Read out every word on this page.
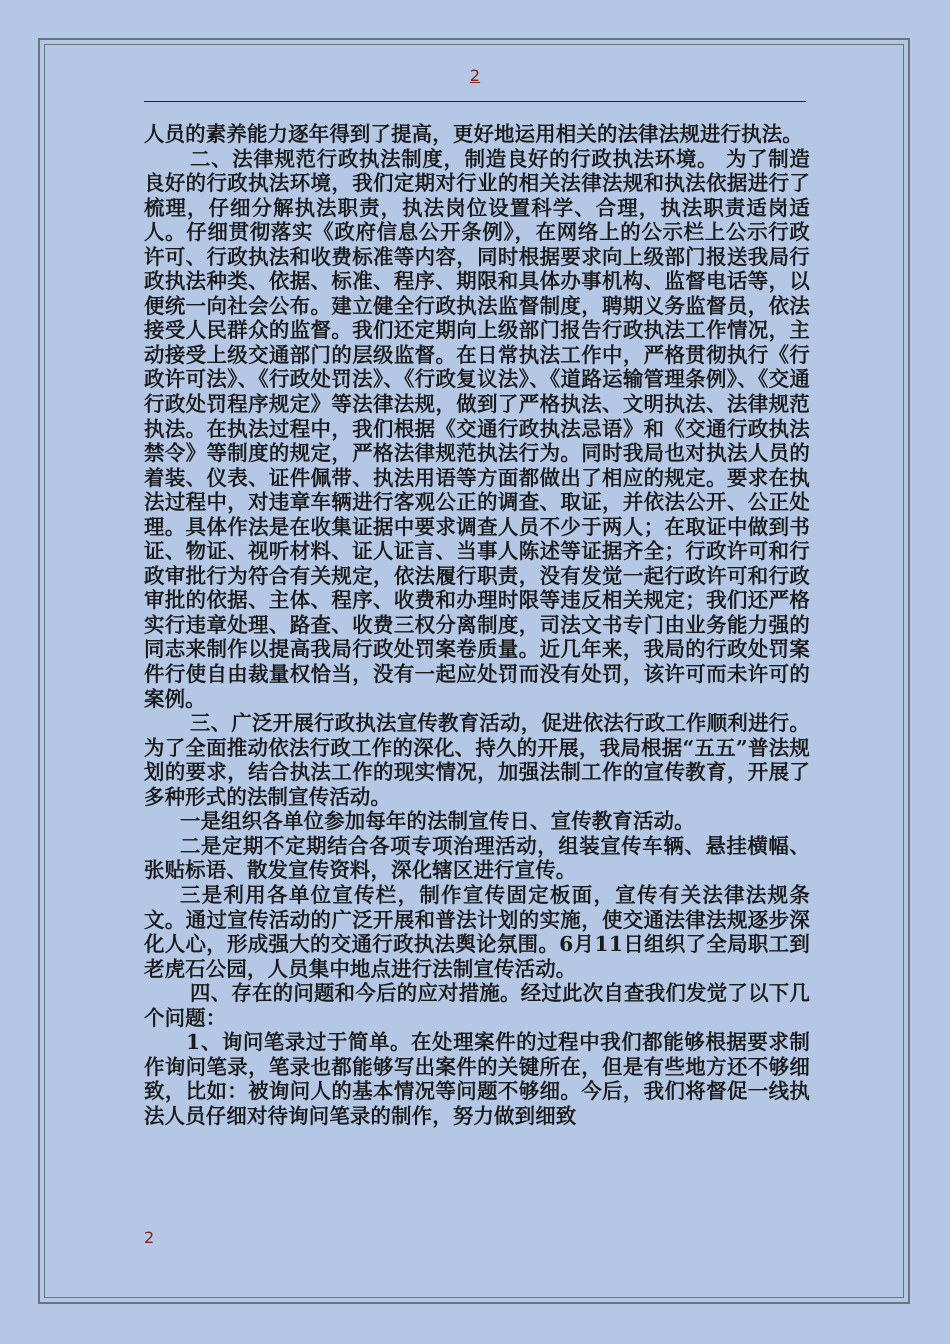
2

人员的素养能力逐年得到了提高，更好地运用相关的法律法规进行执法。

二、法律规范行政执法制度，制造良好的行政执法环境。 为了制造良好的行政执法环境，我们定期对行业的相关法律法规和执法依据进行了梳理，仔细分解执法职责，执法岗位设置科学、合理，执法职责适岗适人。仔细贯彻落实《政府信息公开条例》，在网络上的公示栏上公示行政许可、行政执法和收费标准等内容，同时根据要求向上级部门报送我局行政执法种类、依据、标准、程序、期限和具体办事机构、监督电话等，以便统一向社会公布。建立健全行政执法监督制度，聘期义务监督员，依法接受人民群众的监督。我们还定期向上级部门报告行政执法工作情况，主动接受上级交通部门的层级监督。在日常执法工作中，严格贯彻执行《行政许可法》、《行政处罚法》、《行政复议法》、《道路运输管理条例》、《交通行政处罚程序规定》等法律法规，做到了严格执法、文明执法、法律规范执法。在执法过程中，我们根据《交通行政执法忌语》和《交通行政执法禁令》等制度的规定，严格法律规范执法行为。同时我局也对执法人员的着装、仪表、证件佩带、执法用语等方面都做出了相应的规定。要求在执法过程中，对违章车辆进行客观公正的调查、取证，并依法公开、公正处理。具体作法是在收集证据中要求调查人员不少于两人；在取证中做到书证、物证、视听材料、证人证言、当事人陈述等证据齐全；行政许可和行政审批行为符合有关规定，依法履行职责，没有发觉一起行政许可和行政审批的依据、主体、程序、收费和办理时限等违反相关规定；我们还严格实行违章处理、路查、收费三权分离制度，司法文书专门由业务能力强的同志来制作以提高我局行政处罚案卷质量。近几年来，我局的行政处罚案件行使自由裁量权恰当，没有一起应处罚而没有处罚，该许可而未许可的案例。

三、广泛开展行政执法宣传教育活动，促进依法行政工作顺利进行。为了全面推动依法行政工作的深化、持久的开展，我局根据“五五”普法规划的要求，结合执法工作的现实情况，加强法制工作的宣传教育，开展了多种形式的法制宣传活动。

一是组织各单位参加每年的法制宣传日、宣传教育活动。

二是定期不定期结合各项专项治理活动，组装宣传车辆、悬挂横幅、张贴标语、散发宣传资料，深化辖区进行宣传。

三是利用各单位宣传栏，制作宣传固定板面，宣传有关法律法规条文。通过宣传活动的广泛开展和普法计划的实施，使交通法律法规逐步深化人心，形成强大的交通行政执法舆论氛围。6月11日组织了全局职工到老虎石公园，人员集中地点进行法制宣传活动。

四、存在的问题和今后的应对措施。经过此次自查我们发觉了以下几个问题：

1、询问笔录过于简单。在处理案件的过程中我们都能够根据要求制作询问笔录，笔录也都能够写出案件的关键所在，但是有些地方还不够细致，比如：被询问人的基本情况等问题不够细。今后，我们将督促一线执法人员仔细对待询问笔录的制作，努力做到细致

2
